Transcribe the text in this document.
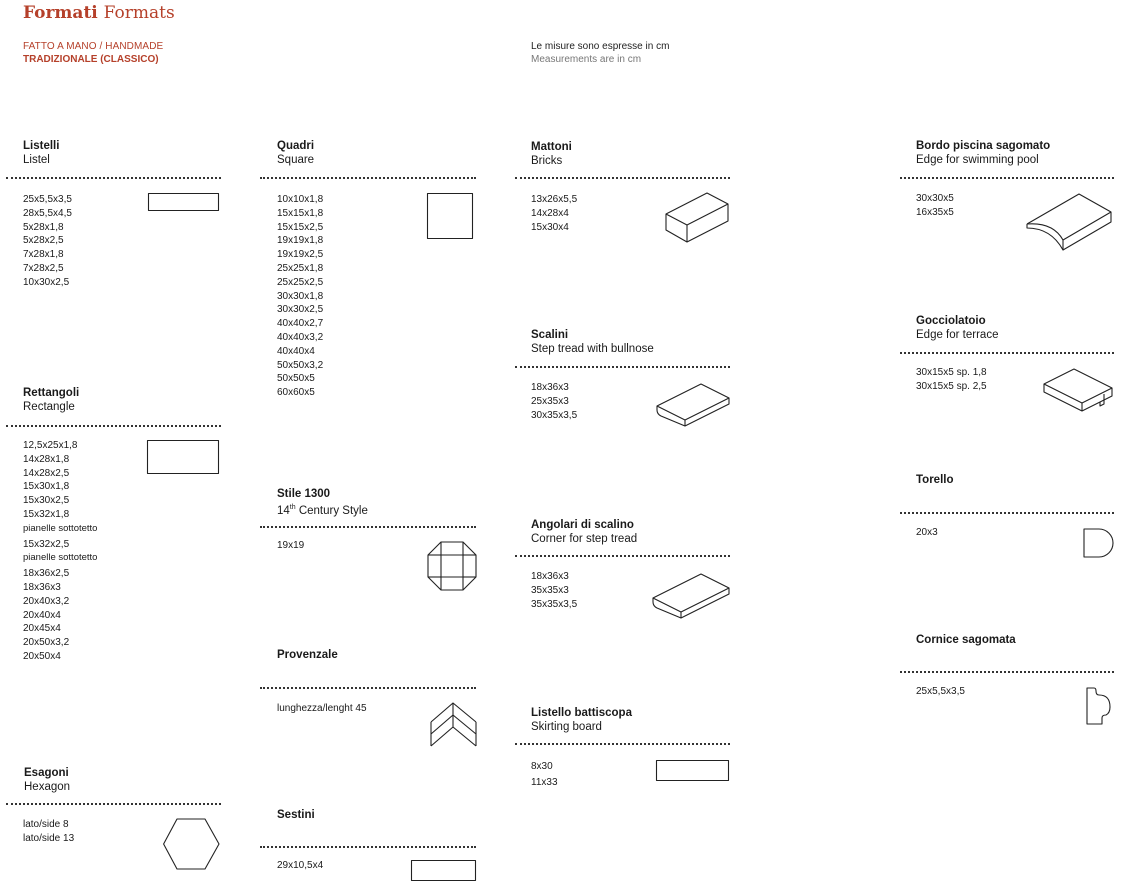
Formati Formats
FATTO A MANO / HANDMADE
TRADIZIONALE (CLASSICO)
Le misure sono espresse in cm
Measurements are in cm
Listelli
Listel
25x5,5x3,5
28x5,5x4,5
5x28x1,8
5x28x2,5
7x28x1,8
7x28x2,5
10x30x2,5
Rettangoli
Rectangle
12,5x25x1,8
14x28x1,8
14x28x2,5
15x30x1,8
15x30x2,5
15x32x1,8
pianelle sottotetto
15x32x2,5
pianelle sottotetto
18x36x2,5
18x36x3
20x40x3,2
20x40x4
20x45x4
20x50x3,2
20x50x4
Esagoni
Hexagon
lato/side 8
lato/side 13
Quadri
Square
10x10x1,8
15x15x1,8
15x15x2,5
19x19x1,8
19x19x2,5
25x25x1,8
25x25x2,5
30x30x1,8
30x30x2,5
40x40x2,7
40x40x3,2
40x40x4
50x50x3,2
50x50x5
60x60x5
Stile 1300
14th Century Style
19x19
Provenzale
lunghezza/lenght 45
Sestini
29x10,5x4
Mattoni
Bricks
13x26x5,5
14x28x4
15x30x4
Scalini
Step tread with bullnose
18x36x3
25x35x3
30x35x3,5
Angolari di scalino
Corner for step tread
18x36x3
35x35x3
35x35x3,5
Listello battiscopa
Skirting board
8x30
11x33
Bordo piscina sagomato
Edge for swimming pool
30x30x5
16x35x5
Gocciolatoio
Edge for terrace
30x15x5 sp. 1,8
30x15x5 sp. 2,5
Torello
20x3
Cornice sagomata
25x5,5x3,5
